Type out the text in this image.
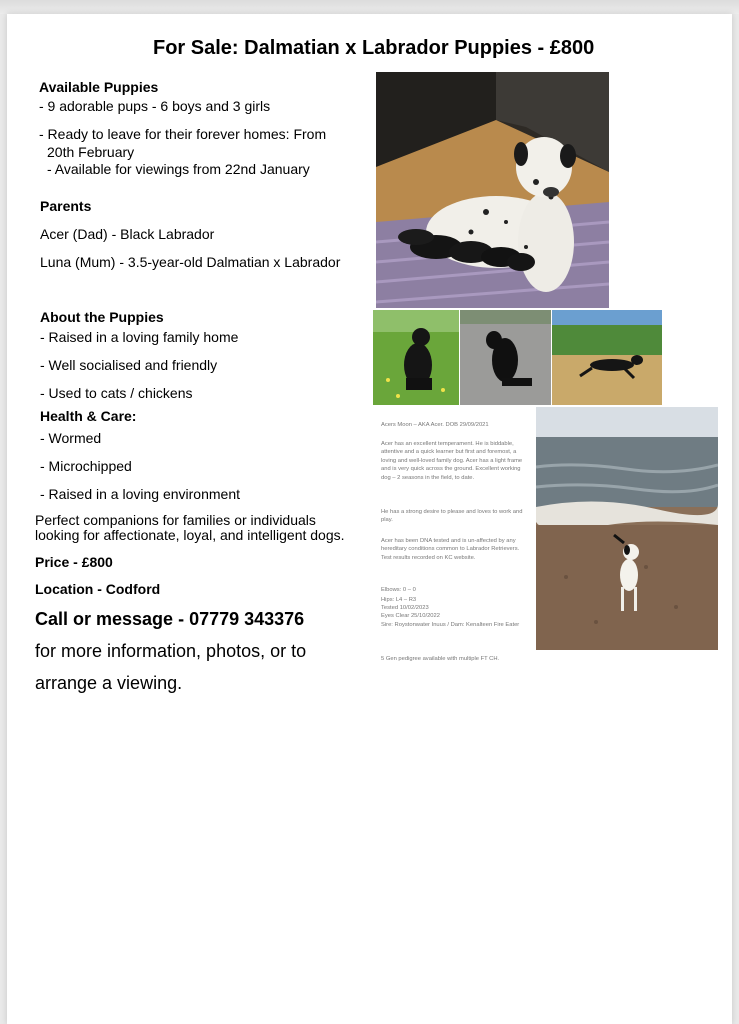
For Sale: Dalmatian x Labrador Puppies - £800
Available Puppies
- 9 adorable pups - 6 boys and 3 girls
- Ready to leave for their forever homes: From
20th February
- Available for viewings from 22nd January
Parents
Acer (Dad) - Black Labrador
Luna (Mum) - 3.5-year-old Dalmatian x Labrador
About the Puppies
- Raised in a loving family home
- Well socialised and friendly
- Used to cats / chickens
Health & Care:
- Wormed
- Microchipped
- Raised in a loving environment
Perfect companions for families or individuals
looking for affectionate, loyal, and intelligent dogs.
Price - £800
Location - Codford
Call or message - 07779 343376
for more information, photos, or to
arrange a viewing.

Acers Moon – AKA Acer. DOB 29/09/2021

Acer has an excellent temperament. He is biddable, attentive and a quick learner but first and foremost, a loving and well-loved family dog. Acer has a light frame and is very quick across the ground. Excellent working dog – 2 seasons in the field, to date.

He has a strong desire to please and loves to work and play.

Acer has been DNA tested and is un-affected by any hereditary conditions common to Labrador Retrievers. Test results recorded on KC website.

Elbows: 0 – 0

Hips: L4 – R3

Tested 10/02/2023

Eyes Clear 25/10/2022

Sire: Roystonwater Inuus / Dam: Kenalteen Fire Eater

5 Gen pedigree available with multiple FT CH.
